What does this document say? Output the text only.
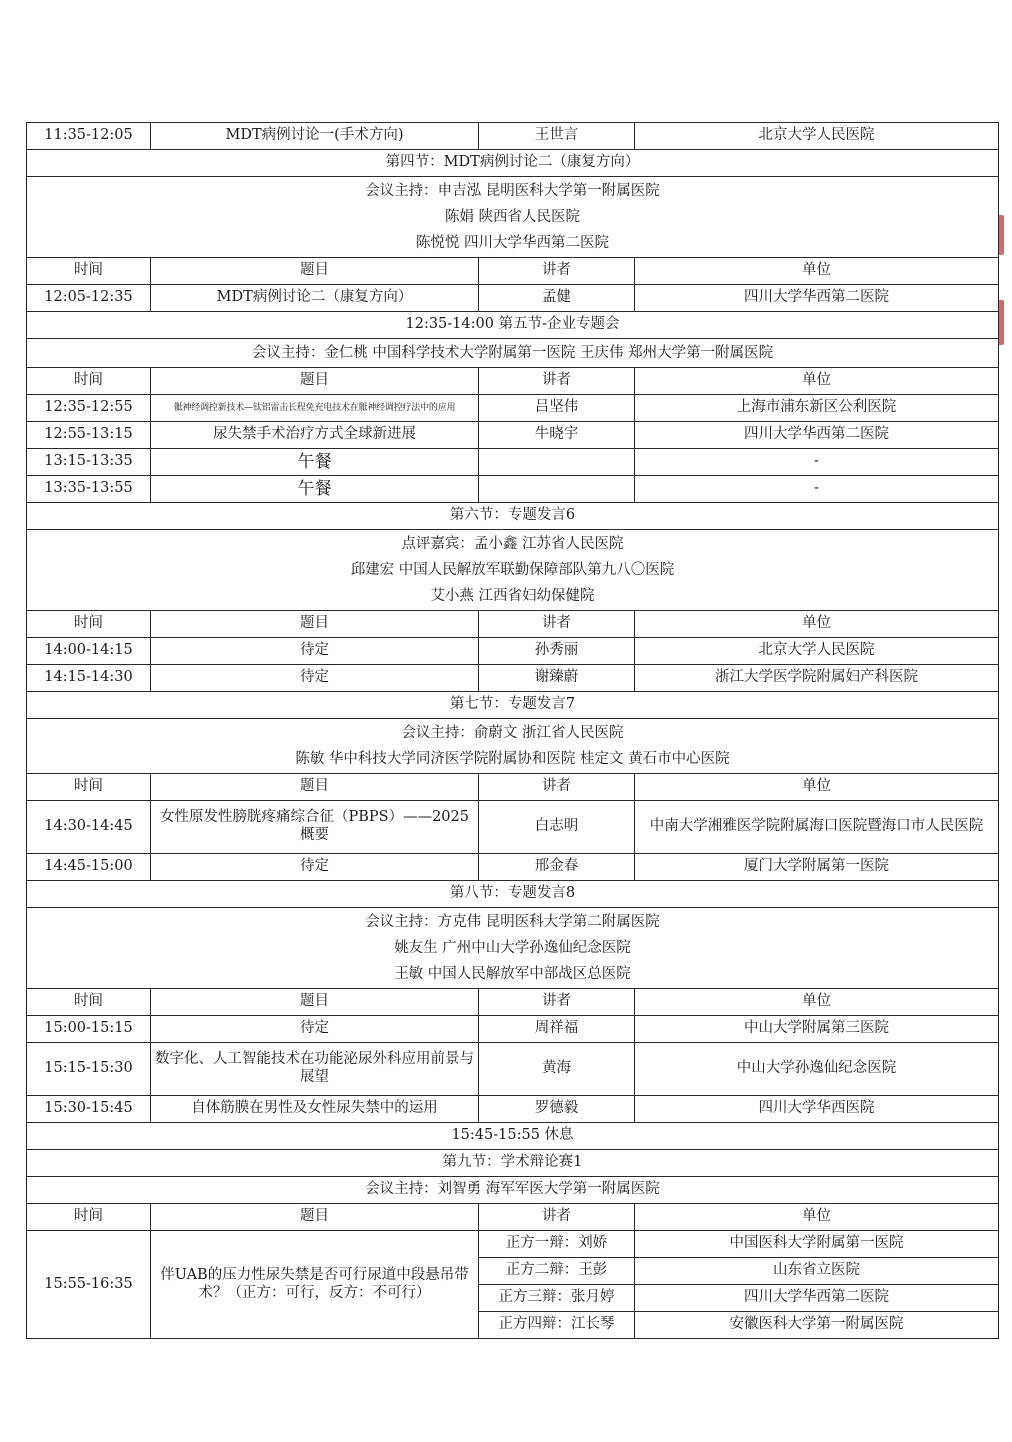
11:35-12:05	MDT病例讨论一(手术方向)	王世言	北京大学人民医院
第四节：MDT病例讨论二（康复方向）			

会议主持：申吉泓 昆明医科大学第一附属医院
陈娟 陕西省人民医院
陈悦悦 四川大学华西第二医院			

时间	题目	讲者	单位
12:05-12:35	MDT病例讨论二（康复方向）	孟健	四川大学华西第二医院
12:35-14:00 第五节-企业专题会			

会议主持：金仁桃 中国科学技术大学附属第一医院 王庆伟 郑州大学第一附属医院			

时间	题目	讲者	单位
12:35-12:55	骶神经调控新技术—钛铝雷击长程免充电技术在骶神经调控疗法中的应用	吕坚伟	上海市浦东新区公利医院
12:55-13:15	尿失禁手术治疗方式全球新进展	牛晓宇	四川大学华西第二医院
13:15-13:35	午餐		-
13:35-13:55	午餐		-
第六节：专题发言6			

点评嘉宾：孟小鑫 江苏省人民医院
邱建宏 中国人民解放军联勤保障部队第九八〇医院
艾小燕 江西省妇幼保健院			

时间	题目	讲者	单位
14:00-14:15	待定	孙秀丽	北京大学人民医院
14:15-14:30	待定	谢臻蔚	浙江大学医学院附属妇产科医院
第七节：专题发言7			

会议主持：俞蔚文 浙江省人民医院
陈敏 华中科技大学同济医学院附属协和医院 桂定文 黄石市中心医院			

时间	题目	讲者	单位
14:30-14:45	女性原发性膀胱疼痛综合征（PBPS）——2025概要	白志明	中南大学湘雅医学院附属海口医院暨海口市人民医院
14:45-15:00	待定	邢金春	厦门大学附属第一医院
第八节：专题发言8			

会议主持：方克伟 昆明医科大学第二附属医院
姚友生 广州中山大学孙逸仙纪念医院
王敏 中国人民解放军中部战区总医院			

时间	题目	讲者	单位
15:00-15:15	待定	周祥福	中山大学附属第三医院
15:15-15:30	数字化、人工智能技术在功能泌尿外科应用前景与展望	黄海	中山大学孙逸仙纪念医院
15:30-15:45	自体筋膜在男性及女性尿失禁中的运用	罗德毅	四川大学华西医院
15:45-15:55 休息			
第九节：学术辩论赛1			
会议主持：刘智勇 海军军医大学第一附属医院			
时间	题目	讲者	单位
15:55-16:35	伴UAB的压力性尿失禁是否可行尿道中段悬吊带术？（正方：可行，反方：不可行）	正方一辩：刘娇	中国医科大学附属第一医院
		正方二辩：王彭	山东省立医院
		正方三辩：张月婷	四川大学华西第二医院
		正方四辩：江长琴	安徽医科大学第一附属医院
